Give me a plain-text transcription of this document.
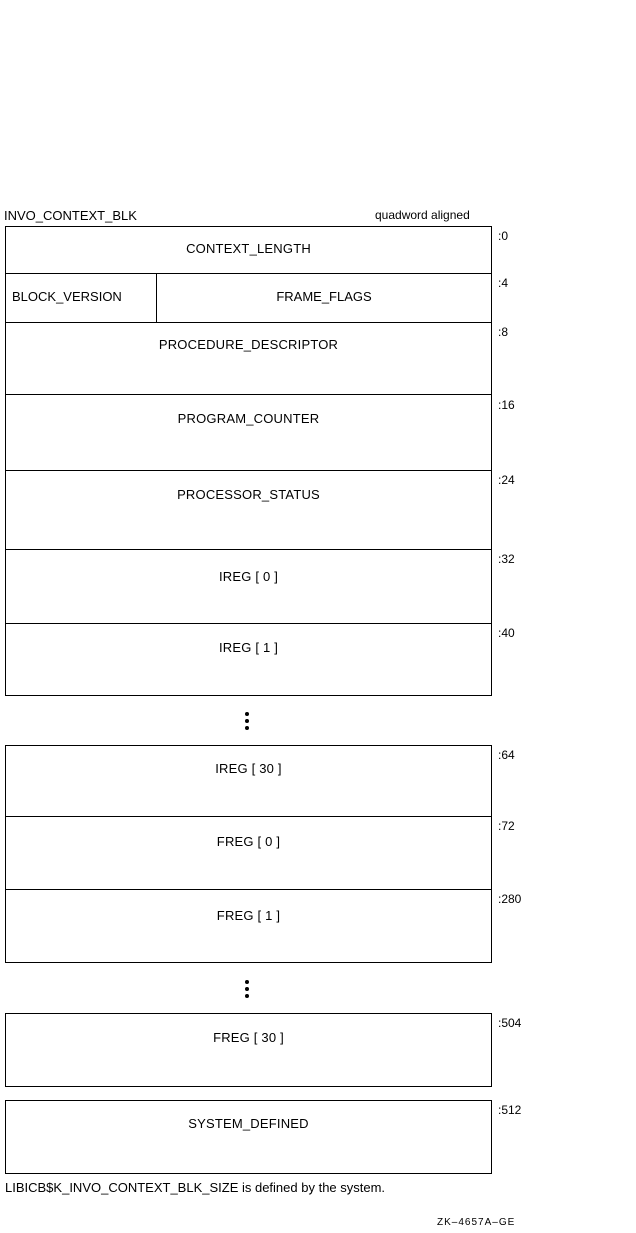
INVO_CONTEXT_BLK	quadword aligned
CONTEXT_LENGTH
:0
BLOCK_VERSION	FRAME_FLAGS
:4
PROCEDURE_DESCRIPTOR
:8
PROGRAM_COUNTER
:16
PROCESSOR_STATUS
:24
IREG [ 0 ]
:32
IREG [ 1 ]
:40
IREG [ 30 ]
:64
FREG [ 0 ]
:72
FREG [ 1 ]
:280
FREG [ 30 ]
:504
SYSTEM_DEFINED
:512
LIBICB$K_INVO_CONTEXT_BLK_SIZE is defined by the system.
ZK–4657A–GE
